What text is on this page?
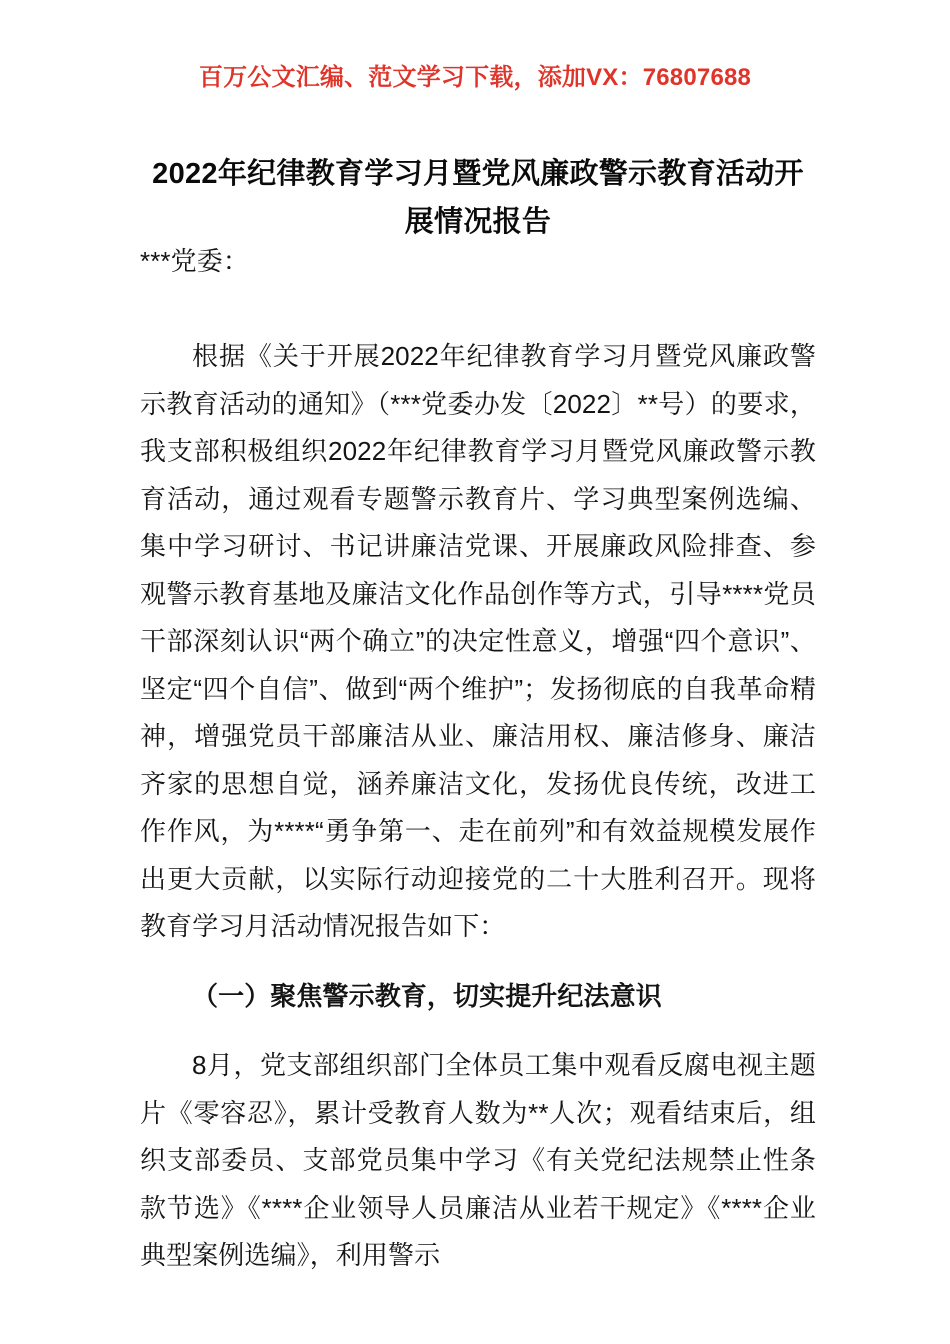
百万公文汇编、范文学习下载，添加VX：76807688
2022年纪律教育学习月暨党风廉政警示教育活动开展情况报告

***党委：

根据《关于开展2022年纪律教育学习月暨党风廉政警示教育活动的通知》（***党委办发〔2022〕**号）的要求，我支部积极组织2022年纪律教育学习月暨党风廉政警示教育活动，通过观看专题警示教育片、学习典型案例选编、集中学习研讨、书记讲廉洁党课、开展廉政风险排查、参观警示教育基地及廉洁文化作品创作等方式，引导****党员干部深刻认识“两个确立”的决定性意义，增强“四个意识”、坚定“四个自信”、做到“两个维护”；发扬彻底的自我革命精神，增强党员干部廉洁从业、廉洁用权、廉洁修身、廉洁齐家的思想自觉，涵养廉洁文化，发扬优良传统，改进工作作风，为****“勇争第一、走在前列”和有效益规模发展作出更大贡献，以实际行动迎接党的二十大胜利召开。现将教育学习月活动情况报告如下：

（一）聚焦警示教育，切实提升纪法意识

8月，党支部组织部门全体员工集中观看反腐电视主题片《零容忍》，累计受教育人数为**人次；观看结束后，组织支部委员、支部党员集中学习《有关党纪法规禁止性条款节选》《****企业领导人员廉洁从业若干规定》《****企业典型案例选编》，利用警示
